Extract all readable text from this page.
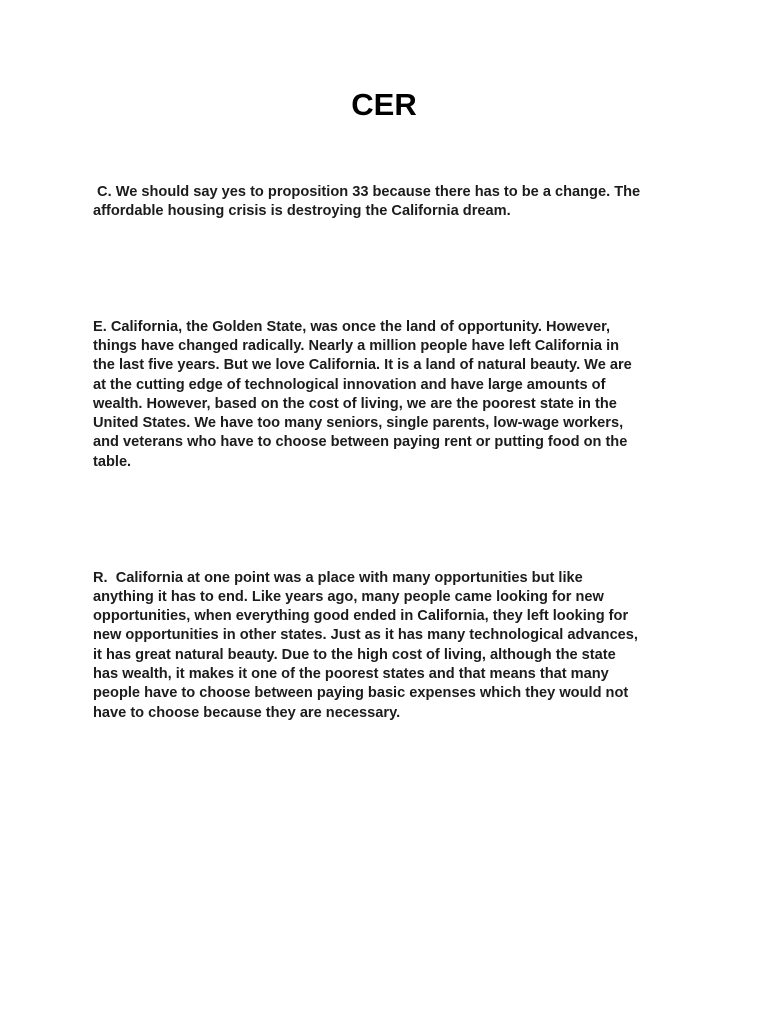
CER

C. We should say yes to proposition 33 because there has to be a change. The
affordable housing crisis is destroying the California dream.

E. California, the Golden State, was once the land of opportunity. However,
things have changed radically. Nearly a million people have left California in
the last five years. But we love California. It is a land of natural beauty. We are
at the cutting edge of technological innovation and have large amounts of
wealth. However, based on the cost of living, we are the poorest state in the
United States. We have too many seniors, single parents, low-wage workers,
and veterans who have to choose between paying rent or putting food on the
table.

R.  California at one point was a place with many opportunities but like
anything it has to end. Like years ago, many people came looking for new
opportunities, when everything good ended in California, they left looking for
new opportunities in other states. Just as it has many technological advances,
it has great natural beauty. Due to the high cost of living, although the state
has wealth, it makes it one of the poorest states and that means that many
people have to choose between paying basic expenses which they would not
have to choose because they are necessary.
